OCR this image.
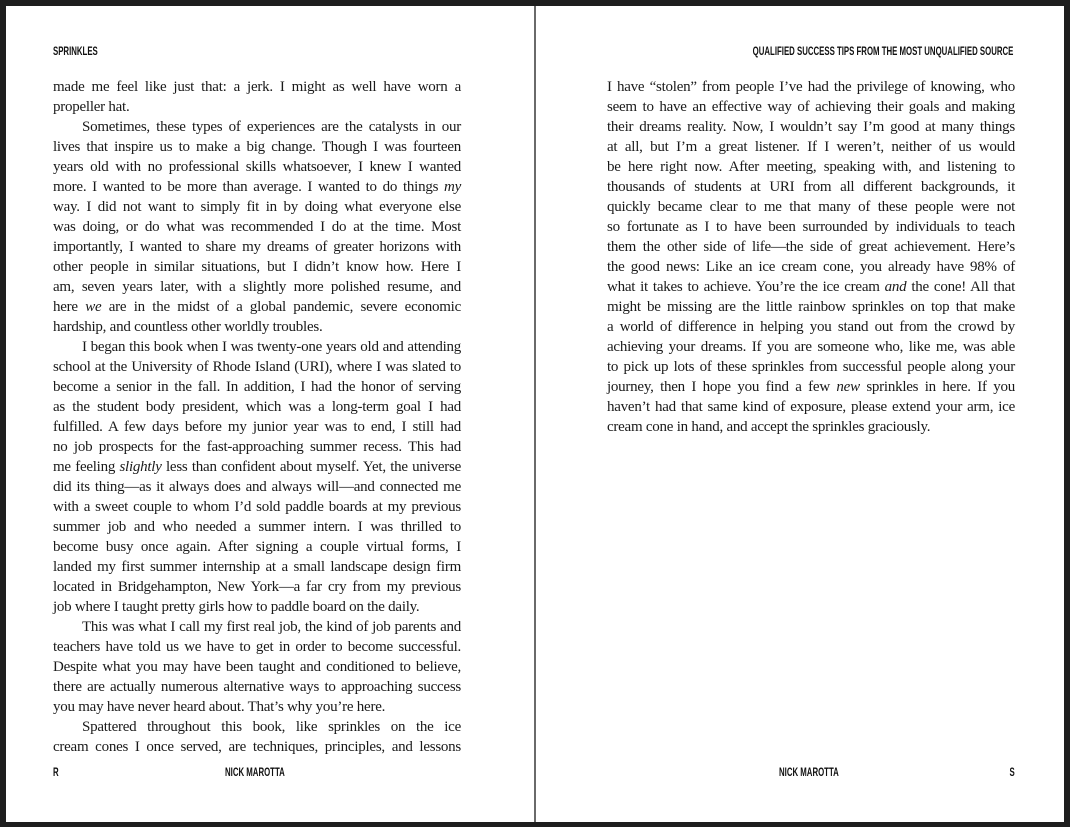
SPRINKLES
made me feel like just that: a jerk. I might as well have worn a
propeller hat.
Sometimes, these types of experiences are the catalysts in our
lives that inspire us to make a big change. Though I was fourteen
years old with no professional skills whatsoever, I knew I wanted
more. I wanted to be more than average. I wanted to do things my
way. I did not want to simply fit in by doing what everyone else
was doing, or do what was recommended I do at the time. Most
importantly, I wanted to share my dreams of greater horizons with
other people in similar situations, but I didn’t know how. Here I
am, seven years later, with a slightly more polished resume, and
here we are in the midst of a global pandemic, severe economic
hardship, and countless other worldly troubles.
I began this book when I was twenty-one years old and attending
school at the University of Rhode Island (URI), where I was slated to
become a senior in the fall. In addition, I had the honor of serving
as the student body president, which was a long-term goal I had
fulfilled. A few days before my junior year was to end, I still had
no job prospects for the fast-approaching summer recess. This had
me feeling slightly less than confident about myself. Yet, the universe
did its thing—as it always does and always will—and connected me
with a sweet couple to whom I’d sold paddle boards at my previous
summer job and who needed a summer intern. I was thrilled to
become busy once again. After signing a couple virtual forms, I
landed my first summer internship at a small landscape design firm
located in Bridgehampton, New York—a far cry from my previous
job where I taught pretty girls how to paddle board on the daily.
This was what I call my first real job, the kind of job parents and
teachers have told us we have to get in order to become successful.
Despite what you may have been taught and conditioned to believe,
there are actually numerous alternative ways to approaching success
you may have never heard about. That’s why you’re here.
Spattered throughout this book, like sprinkles on the ice
cream cones I once served, are techniques, principles, and lessons
R	NICK MAROTTA
QUALIFIED SUCCESS TIPS FROM THE MOST UNQUALIFIED SOURCE
I have “stolen” from people I’ve had the privilege of knowing, who
seem to have an effective way of achieving their goals and making
their dreams reality. Now, I wouldn’t say I’m good at many things
at all, but I’m a great listener. If I weren’t, neither of us would
be here right now. After meeting, speaking with, and listening to
thousands of students at URI from all different backgrounds, it
quickly became clear to me that many of these people were not
so fortunate as I to have been surrounded by individuals to teach
them the other side of life—the side of great achievement. Here’s
the good news: Like an ice cream cone, you already have 98% of
what it takes to achieve. You’re the ice cream and the cone! All that
might be missing are the little rainbow sprinkles on top that make
a world of difference in helping you stand out from the crowd by
achieving your dreams. If you are someone who, like me, was able
to pick up lots of these sprinkles from successful people along your
journey, then I hope you find a few new sprinkles in here. If you
haven’t had that same kind of exposure, please extend your arm, ice
cream cone in hand, and accept the sprinkles graciously.
NICK MAROTTA	S
